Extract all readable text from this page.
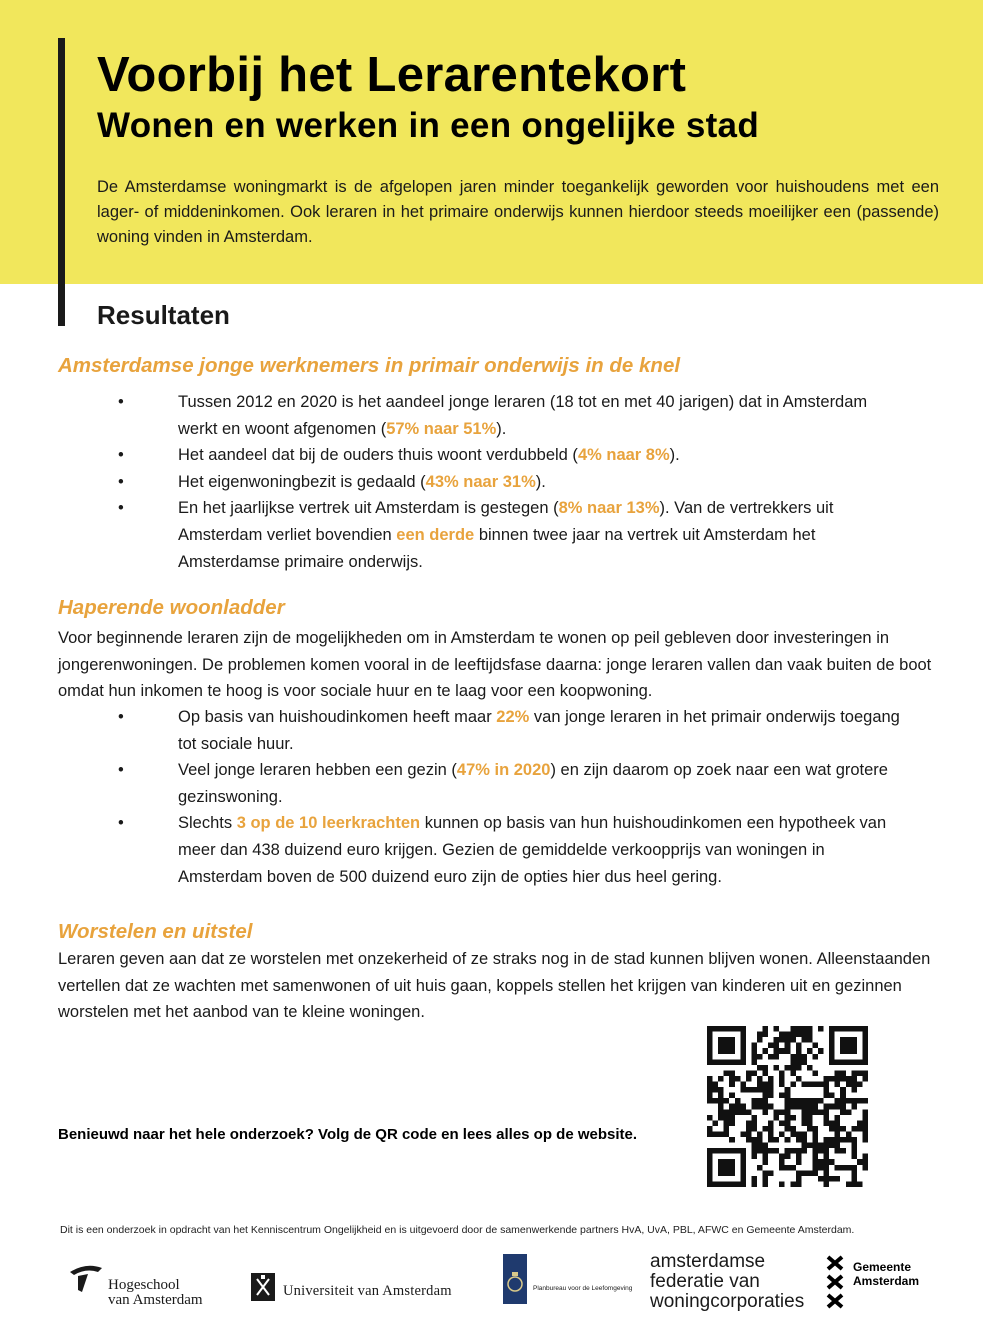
Voorbij het Lerarentekort
Wonen en werken in een ongelijke stad

De Amsterdamse woningmarkt is de afgelopen jaren minder toegankelijk geworden voor huishoudens met een lager- of middeninkomen. Ook leraren in het primaire onderwijs kunnen hierdoor steeds moeilijker een (passende) woning vinden in Amsterdam.

Resultaten
Amsterdamse jonge werknemers in primair onderwijs in de knel
•	Tussen 2012 en 2020 is het aandeel jonge leraren (18 tot en met 40 jarigen) dat in Amsterdam werkt en woont afgenomen (57% naar 51%).
•	Het aandeel dat bij de ouders thuis woont verdubbeld (4% naar 8%).
•	Het eigenwoningbezit is gedaald (43% naar 31%).
•	En het jaarlijkse vertrek uit Amsterdam is gestegen (8% naar 13%). Van de vertrekkers uit Amsterdam verliet bovendien een derde binnen twee jaar na vertrek uit Amsterdam het Amsterdamse primaire onderwijs.
Haperende woonladder

Voor beginnende leraren zijn de mogelijkheden om in Amsterdam te wonen op peil gebleven door investeringen in jongerenwoningen. De problemen komen vooral in de leeftijdsfase daarna: jonge leraren vallen dan vaak buiten de boot omdat hun inkomen te hoog is voor sociale huur en te laag voor een koopwoning.

•	Op basis van huishoudinkomen heeft maar 22% van jonge leraren in het primair onderwijs toegang tot sociale huur.
•	Veel jonge leraren hebben een gezin (47% in 2020) en zijn daarom op zoek naar een wat grotere gezinswoning.
•	Slechts 3 op de 10 leerkrachten kunnen op basis van hun huishoudinkomen een hypotheek van meer dan 438 duizend euro krijgen. Gezien de gemiddelde verkoopprijs van woningen in Amsterdam boven de 500 duizend euro zijn de opties hier dus heel gering.
Worstelen en uitstel

Leraren geven aan dat ze worstelen met onzekerheid of ze straks nog in de stad kunnen blijven wonen. Alleenstaanden vertellen dat ze wachten met samenwonen of uit huis gaan, koppels stellen het krijgen van kinderen uit en gezinnen worstelen met het aanbod van te kleine woningen.

Benieuwd naar het hele onderzoek? Volg de QR code en lees alles op de website.

Dit is een onderzoek in opdracht van het Kenniscentrum Ongelijkheid en is uitgevoerd door de samenwerkende partners HvA, UvA, PBL, AFWC en Gemeente Amsterdam.

Hogeschool
van Amsterdam
Universiteit van Amsterdam	Planbureau voor de Leefomgeving
amsterdamse
federatie van
woningcorporaties
Gemeente
Amsterdam
